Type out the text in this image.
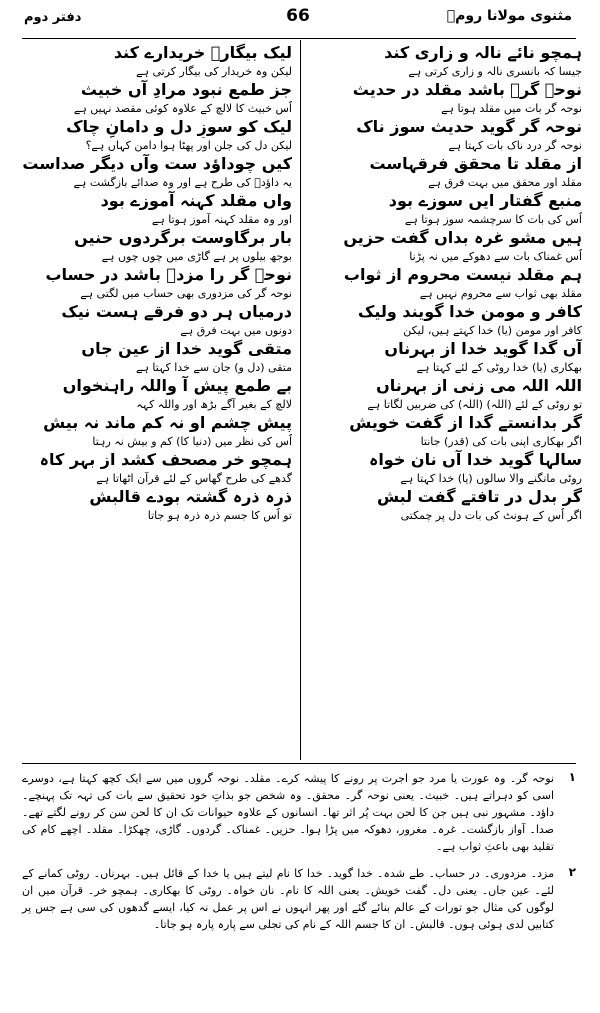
مثنوی مولانا رومؒ
66
دفتر دوم
ہمچو نائے نالہ و زاری کند
جیسا کہ بانسری نالہ و زاری کرتی ہے
نوحہ گرؔ باشد مقلد در حدیث
نوحہ گر بات میں مقلد ہوتا ہے
نوحہ گر گوید حدیث سوز ناک
نوحہ گر درد ناک بات کہتا ہے
از مقلد تا محقق فرقہاست
مقلد اور محقق میں بہت فرق ہے
منبع گفتار ایں سوزے بود
اُس کی بات کا سرچشمہ سوز ہوتا ہے
ہیں مشو غرہ بداں گفت حزیں
اُس غمناک بات سے دھوکے میں نہ پڑنا
ہم مقلد نیست محروم از ثواب
مقلد بھی ثواب سے محروم نہیں ہے
کافر و مومن خدا گویند ولیک
کافر اور مومن (یا) خدا کہتے ہیں، لیکن
آں گدا گوید خدا از بہرناں
بھکاری (یا) خدا روٹی کے لئے کہتا ہے
اللہ اللہ می زنی از بہرناں
تو روٹی کے لئے (اللہ) (اللہ) کی ضربیں لگاتا ہے
گر بدانستے گدا از گفت خویش
اگر بھکاری اپنی بات کی (قدر) جانتا
سالہا گوید خدا آں نان خواہ
روٹی مانگنے والا سالوں (یا) خدا کہتا ہے
گر بدل در تافتے گفت لبش
اگر اُس کے ہونٹ کی بات دل پر چمکتی
لیک بیگارؔ خریدارے کند
لیکن وہ خریدار کی بیگار کرتی ہے
جز طمع نبود مرادِ آں خبیث
اُس خبیث کا لالچ کے علاوہ کوئی مقصد نہیں ہے
لیک کو سوزِ دل و دامانِ چاک
لیکن دل کی جلن اور پھٹا ہوا دامن کہاں ہے؟
کیں چوداؤد ست وآں دیگر صداست
یہ داؤدؑ کی طرح ہے اور وہ صدائے بازگشت ہے
واں مقلد کہنہ آموزے بود
اور وہ مقلد کہنہ آموز ہوتا ہے
بار برگاوست برگردوں حنیں
بوجھ بیلوں پر ہے گاڑی میں چوں چوں ہے
نوحہ گر را مزدؔ باشد در حساب
نوحہ گر کی مزدوری بھی حساب میں لگتی ہے
درمیاں ہر دو فرقے ہست نیک
دونوں میں بہت فرق ہے
متقی گوید خدا از عین جاں
متقی (دل و) جان سے خدا کہتا ہے
بے طمع پیش آ واللہ راہنخواں
لالچ کے بغیر آگے بڑھ اور واللہ کہہ
پیش چشم او نہ کم ماند نہ بیش
اُس کی نظر میں (دنیا کا) کم و بیش نہ رہتا
ہمچو خر مصحف کشد از بہر کاہ
گدھے کی طرح گھاس کے لئے قرآن اٹھاتا ہے
ذرہ ذرہ گشتہ بودے قالبش
تو اُس کا جسم ذرہ ذرہ ہو جاتا
۱
نوحہ گر۔ وہ عورت یا مرد جو اجرت پر رونے کا پیشہ کرے۔ مقلد۔ نوحہ گروں میں سے ایک کچھ کہتا ہے، دوسرے اسی کو دہراتے ہیں۔ خبیث۔ یعنی نوحہ گر۔ محقق۔ وہ شخص جو بذاتِ خود تحقیق سے بات کی تہہ تک پہنچے۔ داؤد۔ مشہور نبی ہیں جن کا لحن بہت پُر اثر تھا۔ انسانوں کے علاوہ حیوانات تک ان کا لحن سن کر رونے لگتے تھے۔ صدا۔ آواز بازگشت۔ غرہ۔ مغرور، دھوکہ میں پڑا ہوا۔ حزیں۔ غمناک۔ گردوں۔ گاڑی، چھکڑا۔ مقلد۔ اچھے کام کی تقلید بھی باعثِ ثواب ہے۔
۲
مزد۔ مزدوری۔ در حساب۔ طے شدہ۔ خدا گوید۔ خدا کا نام لیتے ہیں یا خدا کے قائل ہیں۔ بہرناں۔ روٹی کمانے کے لئے۔ عین جاں۔ یعنی دل۔ گفت خویش۔ یعنی اللہ کا نام۔ نان خواہ۔ روٹی کا بھکاری۔ ہمچو خر۔ قرآن میں ان لوگوں کی مثال جو تورات کے عالم بنائے گئے اور پھر انہوں نے اس پر عمل نہ کیا، ایسے گدھوں کی سی ہے جس پر کتابیں لدی ہوئی ہوں۔ قالبش۔ ان کا جسم اللہ کے نام کی تجلی سے پارہ پارہ ہو جاتا۔
